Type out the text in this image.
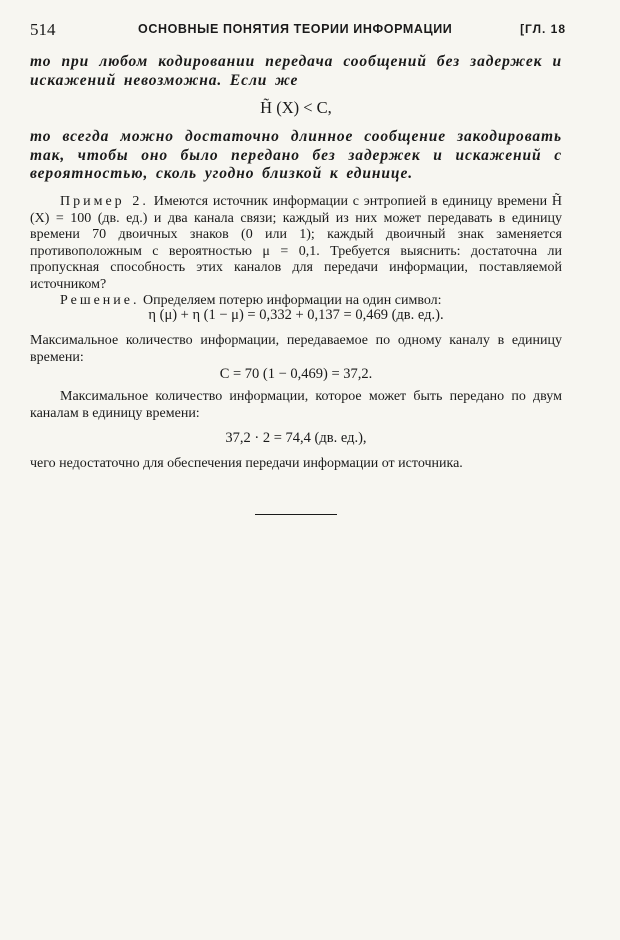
514	ОСНОВНЫЕ ПОНЯТИЯ ТЕОРИИ ИНФОРМАЦИИ	[ГЛ. 18

то при любом кодировании передача сообщений без задержек и искажений невозможна. Если же

H̃ (X) < C,

то всегда можно достаточно длинное сообщение закодировать так, чтобы оно было передано без задержек и искажений с вероятностью, сколь угодно близкой к единице.

Пример 2. Имеются источник информации с энтропией в единицу времени H̃ (X) = 100 (дв. ед.) и два канала связи; каждый из них может передавать в единицу времени 70 двоичных знаков (0 или 1); каждый двоичный знак заменяется противоположным с вероятностью μ = 0,1. Требуется выяснить: достаточна ли пропускная способность этих каналов для передачи информации, поставляемой источником?

Решение. Определяем потерю информации на один символ:

η (μ) + η (1 − μ) = 0,332 + 0,137 = 0,469 (дв. ед.).

Максимальное количество информации, передаваемое по одному каналу в единицу времени:

C = 70 (1 − 0,469) = 37,2.

Максимальное количество информации, которое может быть передано по двум каналам в единицу времени:

37,2 · 2 = 74,4 (дв. ед.),

чего недостаточно для обеспечения передачи информации от источника.
